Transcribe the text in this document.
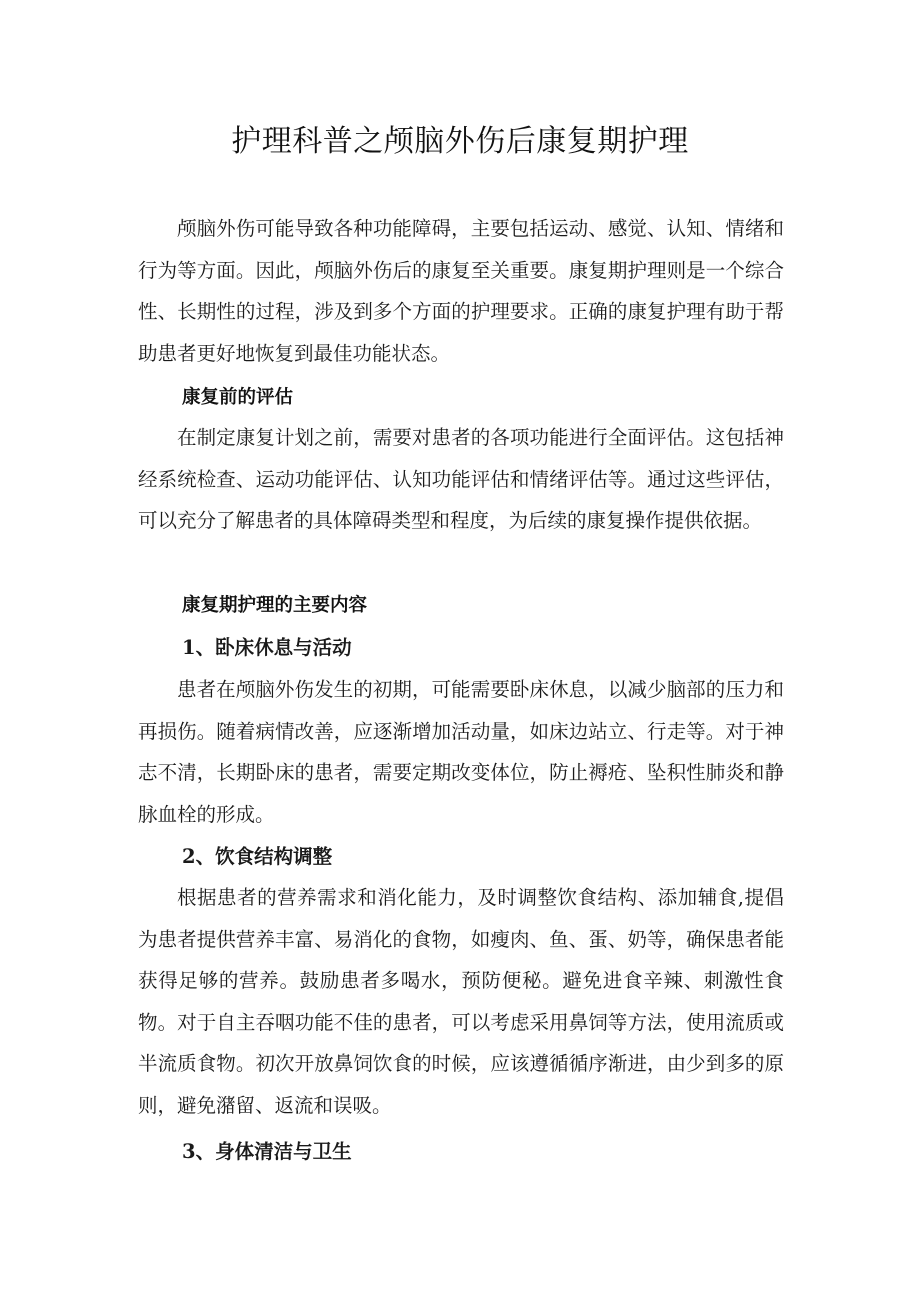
护理科普之颅脑外伤后康复期护理

颅脑外伤可能导致各种功能障碍，主要包括运动、感觉、认知、情绪和行为等方面。因此，颅脑外伤后的康复至关重要。康复期护理则是一个综合性、长期性的过程，涉及到多个方面的护理要求。正确的康复护理有助于帮助患者更好地恢复到最佳功能状态。

康复前的评估

在制定康复计划之前，需要对患者的各项功能进行全面评估。这包括神经系统检查、运动功能评估、认知功能评估和情绪评估等。通过这些评估，可以充分了解患者的具体障碍类型和程度，为后续的康复操作提供依据。

康复期护理的主要内容
1、卧床休息与活动

患者在颅脑外伤发生的初期，可能需要卧床休息，以减少脑部的压力和再损伤。随着病情改善，应逐渐增加活动量，如床边站立、行走等。对于神志不清，长期卧床的患者，需要定期改变体位，防止褥疮、坠积性肺炎和静脉血栓的形成。

2、饮食结构调整

根据患者的营养需求和消化能力，及时调整饮食结构、添加辅食,提倡为患者提供营养丰富、易消化的食物，如瘦肉、鱼、蛋、奶等，确保患者能获得足够的营养。鼓励患者多喝水，预防便秘。避免进食辛辣、刺激性食物。对于自主吞咽功能不佳的患者，可以考虑采用鼻饲等方法，使用流质或半流质食物。初次开放鼻饲饮食的时候，应该遵循循序渐进，由少到多的原则，避免潴留、返流和误吸。

3、身体清洁与卫生
